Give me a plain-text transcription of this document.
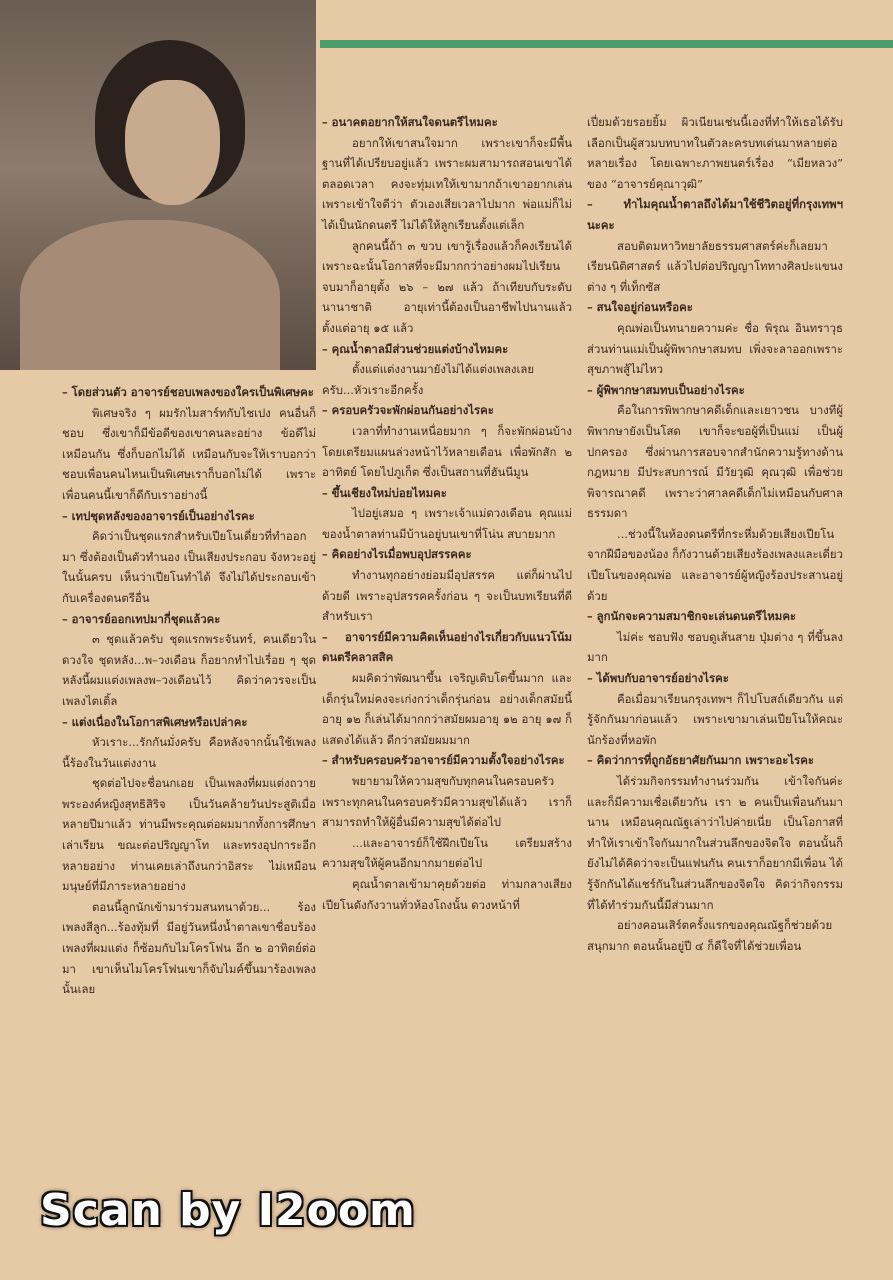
– โดยส่วนตัว อาจารย์ชอบเพลงของใครเป็นพิเศษคะ

พิเศษจริง ๆ ผมรักไมสาร์ทกับไชเปง คนอื่นก็ชอบ ซึ่งเขาก็มีข้อดีของเขาคนละอย่าง ข้อดีไม่เหมือนกัน ซึ่งก็บอกไม่ได้ เหมือนกับจะให้เราบอกว่า ชอบเพื่อนคนไหนเป็นพิเศษเราก็บอกไม่ได้ เพราะเพื่อนคนนี้เขาก็ดีกับเราอย่างนี้

– เทปชุดหลังของอาจารย์เป็นอย่างไรคะ

คิดว่าเป็นชุดแรกสำหรับเปียโนเดี่ยวที่ทำออกมา ซึ่งต้องเป็นตัวทำนอง เป็นเสียงประกอบ จังหวะอยู่ในนั้นครบ เห็นว่าเปียโนทำได้ จึงไม่ได้ประกอบเข้ากับเครื่องดนตรีอื่น

– อาจารย์ออกเทปมากี่ชุดแล้วคะ

๓ ชุดแล้วครับ ชุดแรกพระจันทร์, คนเดียวในดวงใจ ชุดหลัง...พ–วงเดือน ก็อยากทำไปเรื่อย ๆ ชุดหลังนี้ผมแต่งเพลงพ–วงเดือนไว้ คิดว่าควรจะเป็นเพลงไตเติ้ล

– แต่งเนื่องในโอกาสพิเศษหรือเปล่าคะ

หัวเราะ...รักกันมั่งครับ คือหลังจากนั้นใช้เพลงนี้ร้องในวันแต่งงาน

ชุดต่อไปจะชื่อนกเอย เป็นเพลงที่ผมแต่งถวายพระองค์หญิงสุทธิสิริจ เป็นวันคล้ายวันประสูติเมื่อหลายปีมาแล้ว ท่านมีพระคุณต่อผมมากทั้งการศึกษาเล่าเรียน ขณะต่อปริญญาโท และทรงอุปการะอีกหลายอย่าง ท่านเคยเล่าถึงนกว่าอิสระ ไม่เหมือนมนุษย์ที่มีภาระหลายอย่าง

ตอนนี้ลูกนักเข้ามาร่วมสนทนาด้วย... ร้องเพลงสีลูก...ร้องทุ้มที่ มีอยู่วันหนึ่งน้ำตาลเขาชื่อบร้องเพลงที่ผมแต่ง ก็ซ้อมกับไมโครโฟน อีก ๒ อาทิตย์ต่อมา เขาเห็นไมโครโฟนเขาก็จับไมค์ขึ้นมาร้องเพลงนั้นเลย

– อนาคตอยากให้สนใจดนตรีไหมคะ

อยากให้เขาสนใจมาก เพราะเขาก็จะมีพื้นฐานที่ได้เปรียบอยู่แล้ว เพราะผมสามารถสอนเขาได้ตลอดเวลา คงจะทุ่มเทให้เขามากถ้าเขาอยากเล่น เพราะเข้าใจดีว่า ตัวเองเสียเวลาไปมาก พ่อแม่ก็ไม่ได้เป็นนักดนตรี ไม่ได้ให้ลูกเรียนตั้งแต่เล็ก

ลูกคนนี้ถ้า ๓ ขวบ เขารู้เรื่องแล้วก็คงเรียนได้ เพราะฉะนั้นโอกาสที่จะมีมากกว่าอย่างผมไปเรียนจบมาก็อายุตั้ง ๒๖ – ๒๗ แล้ว ถ้าเทียบกับระดับนานาชาติ อายุเท่านี้ต้องเป็นอาชีพไปนานแล้ว ตั้งแต่อายุ ๑๕ แล้ว

– คุณน้ำตาลมีส่วนช่วยแต่งบ้างไหมคะ

ตั้งแต่แต่งงานมายังไม่ได้แต่งเพลงเลยครับ...หัวเราะอีกครั้ง

– ครอบครัวจะพักผ่อนกันอย่างไรคะ

เวลาที่ทำงานเหนื่อยมาก ๆ ก็จะพักผ่อนบ้าง โดยเตรียมแผนล่วงหน้าไว้หลายเดือน เพื่อพักสัก ๒ อาทิตย์ โดยไปภูเก็ต ซึ่งเป็นสถานที่ฮันนีมูน

– ขึ้นเชียงใหม่บ่อยไหมคะ

ไปอยู่เสมอ ๆ เพราะเจ้าแม่ดวงเดือน คุณแม่ของน้ำตาลท่านมีบ้านอยู่บนเขาที่โน่น สบายมาก

– คิดอย่างไรเมื่อพบอุปสรรคคะ

ทำงานทุกอย่างย่อมมีอุปสรรค แต่ก็ผ่านไปด้วยดี เพราะอุปสรรคครั้งก่อน ๆ จะเป็นบทเรียนที่ดีสำหรับเรา

– อาจารย์มีความคิดเห็นอย่างไรเกี่ยวกับแนวโน้มดนตรีคลาสสิค

ผมคิดว่าพัฒนาขึ้น เจริญเติบโตขึ้นมาก และเด็กรุ่นใหม่คงจะเก่งกว่าเด็กรุ่นก่อน อย่างเด็กสมัยนี้อายุ ๑๒ ก็เล่นได้มากกว่าสมัยผมอายุ ๑๒ อายุ ๑๗ ก็แสดงได้แล้ว ดีกว่าสมัยผมมาก

– สำหรับครอบครัวอาจารย์มีความตั้งใจอย่างไรคะ

พยายามให้ความสุขกับทุกคนในครอบครัว เพราะทุกคนในครอบครัวมีความสุขได้แล้ว เราก็สามารถทำให้ผู้อื่นมีความสุขได้ต่อไป

...และอาจารย์ก็ใช้ฝึกเปียโน เตรียมสร้างความสุขให้ผู้คนอีกมากมายต่อไป

คุณน้ำตาลเข้ามาคุยด้วยต่อ ท่ามกลางเสียงเปียโนดังกังวานทั่วห้องโถงนั้น ดวงหน้าที่

เปี่ยมด้วยรอยยิ้ม ผิวเนียนเช่นนี้เองที่ทำให้เธอได้รับเลือกเป็นผู้สวมบทบาทในตัวละครบทเด่นมาหลายต่อหลายเรื่อง โดยเฉพาะภาพยนตร์เรื่อง “เมียหลวง” ของ “อาจารย์คุณาวุฒิ”

– ทำไมคุณน้ำตาลถึงได้มาใช้ชีวิตอยู่ที่กรุงเทพฯ นะคะ

สอบติดมหาวิทยาลัยธรรมศาสตร์ค่ะก็เลยมาเรียนนิติศาสตร์ แล้วไปต่อปริญญาโททางศิลปะแขนงต่าง ๆ ที่เท็กซัส

– สนใจอยู่ก่อนหรือคะ

คุณพ่อเป็นทนายความค่ะ ชื่อ พิรุณ อินทราวุธ ส่วนท่านแม่เป็นผู้พิพากษาสมทบ เพิ่งจะลาออกเพราะสุขภาพสู้ไม่ไหว

– ผู้พิพากษาสมทบเป็นอย่างไรคะ

คือในการพิพากษาคดีเด็กและเยาวชน บางทีผู้พิพากษายังเป็นโสด เขาก็จะขอผู้ที่เป็นแม่ เป็นผู้ปกครอง ซึ่งผ่านการสอบจากสำนักความรู้ทางด้านกฎหมาย มีประสบการณ์ มีวัยวุฒิ คุณวุฒิ เพื่อช่วยพิจารณาคดี เพราะว่าศาลคดีเด็กไม่เหมือนกับศาลธรรมดา

...ช่วงนี้ในห้องดนตรีที่กระหึ่มด้วยเสียงเปียโนจากฝีมือของน้อง ก็กังวานด้วยเสียงร้องเพลงและเดี่ยวเปียโนของคุณพ่อ และอาจารย์ผู้หญิงร้องประสานอยู่ด้วย

– ลูกนักจะความสมาชิกจะเล่นดนตรีไหมคะ

ไม่ค่ะ ชอบฟัง ชอบดูเส้นสาย ปุ่มต่าง ๆ ที่ขึ้นลงมาก

– ได้พบกับอาจารย์อย่างไรคะ

คือเมื่อมาเรียนกรุงเทพฯ ก็ไปโบสถ์เดียวกัน แต่รู้จักกันมาก่อนแล้ว เพราะเขามาเล่นเปียโนให้คณะนักร้องที่หอพัก

– คิดว่าการที่ถูกอัธยาศัยกันมาก เพราะอะไรคะ

ได้ร่วมกิจกรรมทำงานร่วมกัน เข้าใจกันค่ะ และก็มีความเชื่อเดียวกัน เรา ๒ คนเป็นเพื่อนกันมานาน เหมือนคุณณัฐเล่าว่าไปค่ายเนี่ย เป็นโอกาสที่ทำให้เราเข้าใจกันมากในส่วนลึกของจิตใจ ตอนนั้นก็ยังไม่ได้คิดว่าจะเป็นแฟนกัน คนเราก็อยากมีเพื่อน ได้รู้จักกันได้แชร์กันในส่วนลึกของจิตใจ คิดว่ากิจกรรมที่ได้ทำร่วมกันนี้มีส่วนมาก

อย่างคอนเสิร์ตครั้งแรกของคุณณัฐก็ช่วยด้วย สนุกมาก ตอนนั้นอยู่ปี ๔ ก็ดีใจที่ได้ช่วยเพื่อน

Scan by I2oom
